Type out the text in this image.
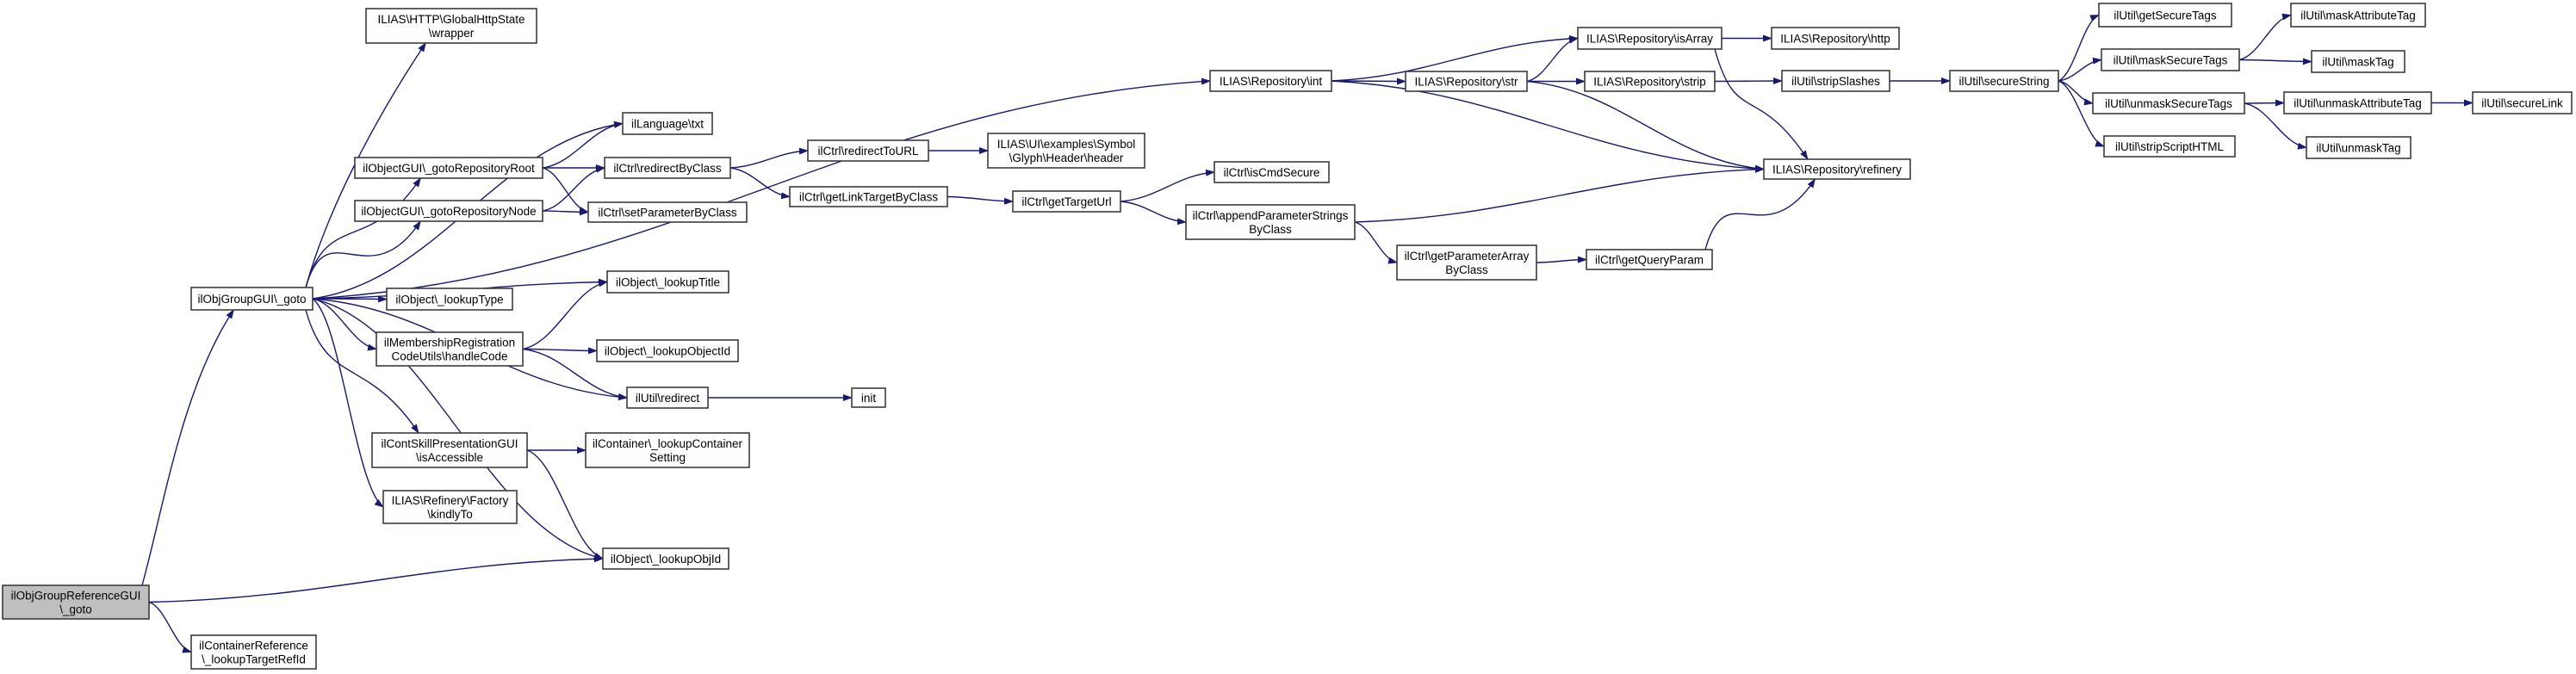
ilObjGroupReferenceGUI \_goto
ilContainerReference \_lookupTargetRefId
ilObjGroupGUI\_goto
ILIAS\HTTP\GlobalHttpState \wrapper
ilObjectGUI\_gotoRepositoryRoot
ilObjectGUI\_gotoRepositoryNode
ilObject\_lookupType
ilMembershipRegistration CodeUtils\handleCode
ilContSkillPresentationGUI \isAccessible
ILIAS\Refinery\Factory \kindlyTo
ilLanguage\txt
ilCtrl\redirectByClass
ilCtrl\setParameterByClass
ilObject\_lookupTitle
ilObject\_lookupObjectId
ilUtil\redirect
ilContainer\_lookupContainer Setting
ilObject\_lookupObjId
ilCtrl\redirectToURL
ilCtrl\getLinkTargetByClass
init
ILIAS\UI\examples\Symbol \Glyph\Header\header
ilCtrl\getTargetUrl
ILIAS\Repository\int
ilCtrl\isCmdSecure
ilCtrl\appendParameterStrings ByClass
ILIAS\Repository\str
ilCtrl\getParameterArray ByClass
ILIAS\Repository\isArray
ILIAS\Repository\strip
ilCtrl\getQueryParam
ILIAS\Repository\http
ilUtil\stripSlashes
ILIAS\Repository\refinery
ilUtil\secureString
ilUtil\getSecureTags
ilUtil\maskSecureTags
ilUtil\unmaskSecureTags
ilUtil\stripScriptHTML
ilUtil\maskAttributeTag
ilUtil\maskTag
ilUtil\unmaskAttributeTag
ilUtil\unmaskTag
ilUtil\secureLink
